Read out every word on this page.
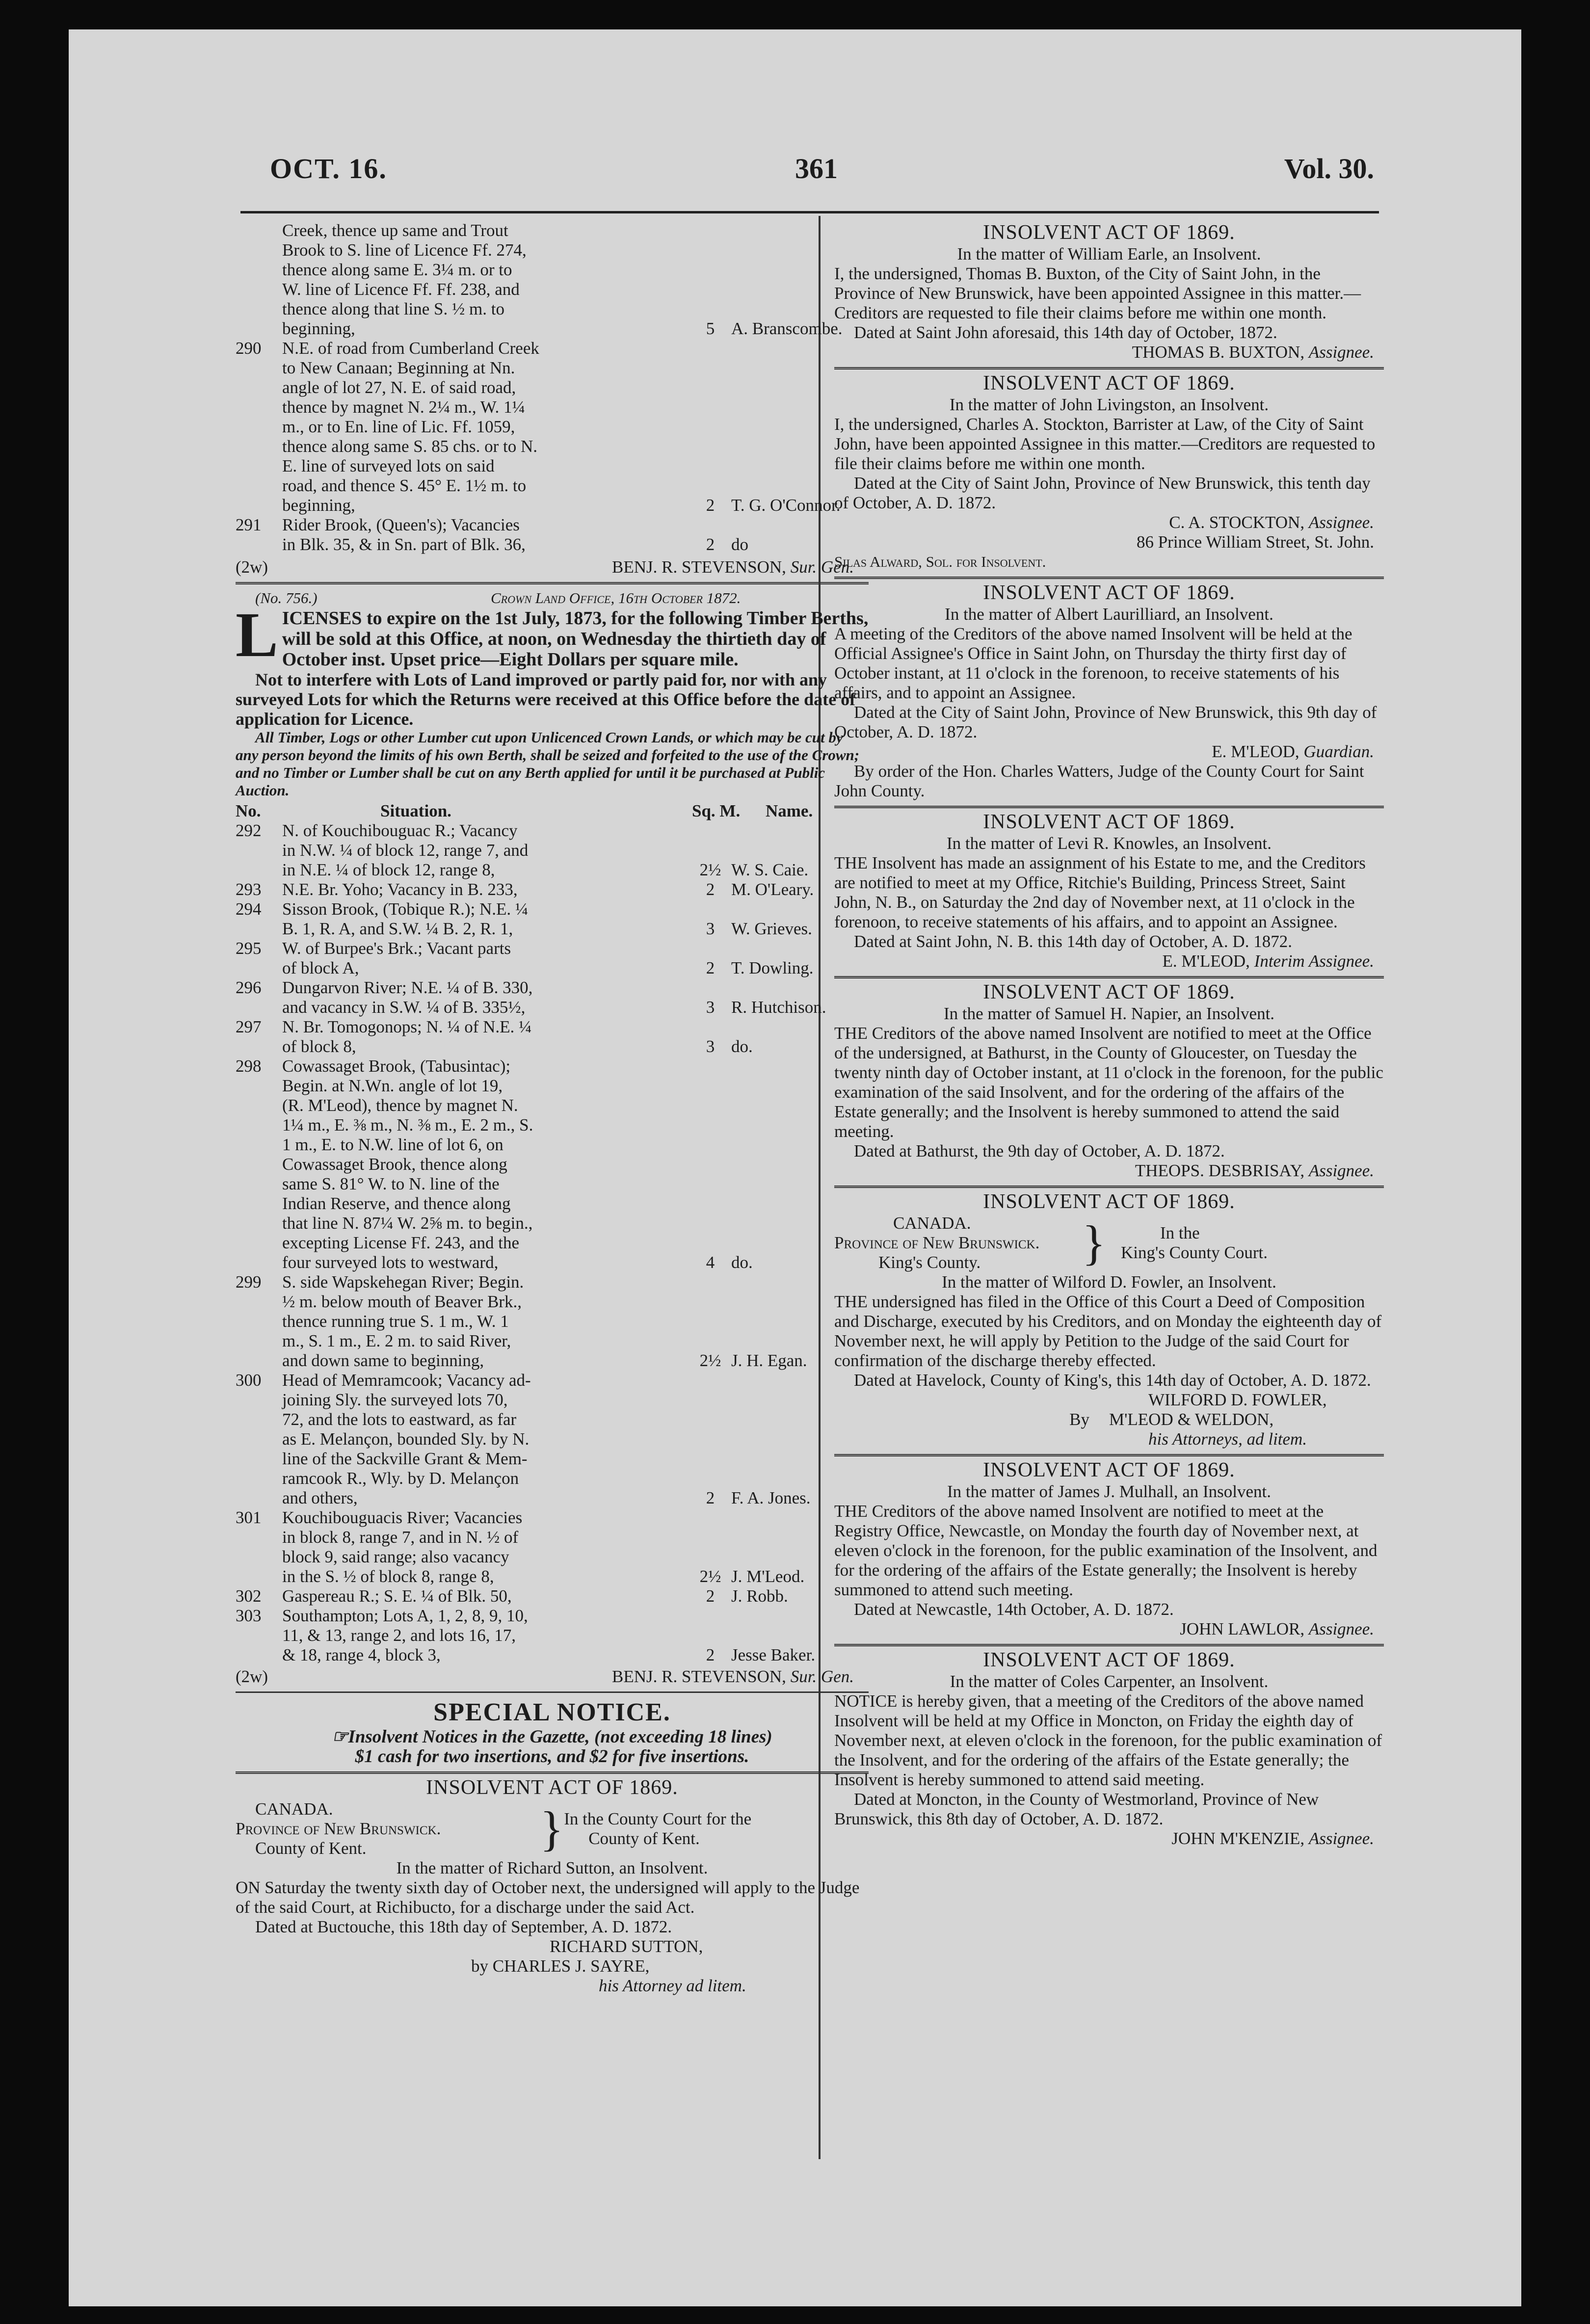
OCT. 16.	361	Vol. 30.

Creek, thence up same and Trout

Brook to S. line of Licence Ff. 274,

thence along same E. 3¼ m. or to

W. line of Licence Ff. Ff. 238, and

thence along that line S. ½ m. to

beginning,	5 A. Branscombe.
290	N.E. of road from Cumberland Creek

to New Canaan; Beginning at Nn.

angle of lot 27, N. E. of said road,

thence by magnet N. 2¼ m., W. 1¼

m., or to En. line of Lic. Ff. 1059,

thence along same S. 85 chs. or to N.

E. line of surveyed lots on said

road, and thence S. 45° E. 1½ m. to

beginning,	2 T. G. O'Connor.
291	Rider Brook, (Queen's); Vacancies

in Blk. 35, & in Sn. part of Blk. 36,	2 do
(2w)	BENJ. R. STEVENSON, Sur. Gen.
(No. 756.)	Crown Land Office, 16th October 1872.
L ICENSES to expire on the 1st July, 1873, for the following Timber Berths, will be sold at this Office, at noon, on Wednesday the thirtieth day of October inst. Upset price—Eight Dollars per square mile.

Not to interfere with Lots of Land improved or partly paid for, nor with any surveyed Lots for which the Returns were received at this Office before the date of application for Licence.

All Timber, Logs or other Lumber cut upon Unlicenced Crown Lands, or which may be cut by any person beyond the limits of his own Berth, shall be seized and forfeited to the use of the Crown; and no Timber or Lumber shall be cut on any Berth applied for until it be purchased at Public Auction.

No.	Situation.	Sq. M.	Name.
292	N. of Kouchibouguac R.; Vacancy

in N.W. ¼ of block 12, range 7, and

in N.E. ¼ of block 12, range 8,	2½ W. S. Caie.
293	N.E. Br. Yoho; Vacancy in B. 233,	2 M. O'Leary.
294	Sisson Brook, (Tobique R.); N.E. ¼

B. 1, R. A, and S.W. ¼ B. 2, R. 1,	3 W. Grieves.
295	W. of Burpee's Brk.; Vacant parts

of block A,	2 T. Dowling.
296	Dungarvon River; N.E. ¼ of B. 330,

and vacancy in S.W. ¼ of B. 335½,	3 R. Hutchison.
297	N. Br. Tomogonops; N. ¼ of N.E. ¼

of block 8,	3 do.
298	Cowassaget Brook, (Tabusintac);

Begin. at N.Wn. angle of lot 19,

(R. M'Leod), thence by magnet N.

1¼ m., E. ⅜ m., N. ⅜ m., E. 2 m., S.

1 m., E. to N.W. line of lot 6, on

Cowassaget Brook, thence along

same S. 81° W. to N. line of the

Indian Reserve, and thence along

that line N. 87¼ W. 2⅝ m. to begin.,

excepting License Ff. 243, and the

four surveyed lots to westward,	4 do.
299	S. side Wapskehegan River; Begin.

½ m. below mouth of Beaver Brk.,

thence running true S. 1 m., W. 1

m., S. 1 m., E. 2 m. to said River,

and down same to beginning,	2½ J. H. Egan.
300	Head of Memramcook; Vacancy ad-

joining Sly. the surveyed lots 70,

72, and the lots to eastward, as far

as E. Melançon, bounded Sly. by N.

line of the Sackville Grant & Mem-

ramcook R., Wly. by D. Melançon

and others,	2 F. A. Jones.
301	Kouchibouguacis River; Vacancies

in block 8, range 7, and in N. ½ of

block 9, said range; also vacancy

in the S. ½ of block 8, range 8,	2½ J. M'Leod.
302	Gaspereau R.; S. E. ¼ of Blk. 50,	2 J. Robb.
303	Southampton; Lots A, 1, 2, 8, 9, 10,

11, & 13, range 2, and lots 16, 17,

& 18, range 4, block 3,	2 Jesse Baker.
(2w)	BENJ. R. STEVENSON, Sur. Gen.
SPECIAL NOTICE.

☞Insolvent Notices in the Gazette, (not exceeding 18 lines)

$1 cash for two insertions, and $2 for five insertions.

INSOLVENT ACT OF 1869.

CANADA.

Province of New Brunswick.

County of Kent.	} In the County Court for the

County of Kent.

In the matter of Richard Sutton, an Insolvent.

ON Saturday the twenty sixth day of October next, the undersigned will apply to the Judge of the said Court, at Richibucto, for a discharge under the said Act.

Dated at Buctouche, this 18th day of September, A. D. 1872.

RICHARD SUTTON,

by CHARLES J. SAYRE,

his Attorney ad litem.

INSOLVENT ACT OF 1869.

In the matter of William Earle, an Insolvent.

I, the undersigned, Thomas B. Buxton, of the City of Saint John, in the Province of New Brunswick, have been appointed Assignee in this matter.—Creditors are requested to file their claims before me within one month.

Dated at Saint John aforesaid, this 14th day of October, 1872.

THOMAS B. BUXTON, Assignee.

INSOLVENT ACT OF 1869.

In the matter of John Livingston, an Insolvent.

I, the undersigned, Charles A. Stockton, Barrister at Law, of the City of Saint John, have been appointed Assignee in this matter.—Creditors are requested to file their claims before me within one month.

Dated at the City of Saint John, Province of New Brunswick, this tenth day of October, A. D. 1872.

C. A. STOCKTON, Assignee.

86 Prince William Street, St. John.

Silas Alward, Sol. for Insolvent.

INSOLVENT ACT OF 1869.

In the matter of Albert Laurilliard, an Insolvent.

A meeting of the Creditors of the above named Insolvent will be held at the Official Assignee's Office in Saint John, on Thursday the thirty first day of October instant, at 11 o'clock in the forenoon, to receive statements of his affairs, and to appoint an Assignee.

Dated at the City of Saint John, Province of New Brunswick, this 9th day of October, A. D. 1872.

E. M'LEOD, Guardian.

By order of the Hon. Charles Watters, Judge of the County Court for Saint John County.

INSOLVENT ACT OF 1869.

In the matter of Levi R. Knowles, an Insolvent.

THE Insolvent has made an assignment of his Estate to me, and the Creditors are notified to meet at my Office, Ritchie's Building, Princess Street, Saint John, N. B., on Saturday the 2nd day of November next, at 11 o'clock in the forenoon, to receive statements of his affairs, and to appoint an Assignee.

Dated at Saint John, N. B. this 14th day of October, A. D. 1872.

E. M'LEOD, Interim Assignee.

INSOLVENT ACT OF 1869.

In the matter of Samuel H. Napier, an Insolvent.

THE Creditors of the above named Insolvent are notified to meet at the Office of the undersigned, at Bathurst, in the County of Gloucester, on Tuesday the twenty ninth day of October instant, at 11 o'clock in the forenoon, for the public examination of the said Insolvent, and for the ordering of the affairs of the Estate generally; and the Insolvent is hereby summoned to attend the said meeting.

Dated at Bathurst, the 9th day of October, A. D. 1872.

THEOPS. DESBRISAY, Assignee.

INSOLVENT ACT OF 1869.

CANADA.

Province of New Brunswick.

King's County.	}	In the

King's County Court.

In the matter of Wilford D. Fowler, an Insolvent.

THE undersigned has filed in the Office of this Court a Deed of Composition and Discharge, executed by his Creditors, and on Monday the eighteenth day of November next, he will apply by Petition to the Judge of the said Court for confirmation of the discharge thereby effected.

Dated at Havelock, County of King's, this 14th day of October, A. D. 1872.

WILFORD D. FOWLER,

By M'LEOD & WELDON,

his Attorneys, ad litem.

INSOLVENT ACT OF 1869.

In the matter of James J. Mulhall, an Insolvent.

THE Creditors of the above named Insolvent are notified to meet at the Registry Office, Newcastle, on Monday the fourth day of November next, at eleven o'clock in the forenoon, for the public examination of the Insolvent, and for the ordering of the affairs of the Estate generally; the Insolvent is hereby summoned to attend such meeting.

Dated at Newcastle, 14th October, A. D. 1872.

JOHN LAWLOR, Assignee.

INSOLVENT ACT OF 1869.

In the matter of Coles Carpenter, an Insolvent.

NOTICE is hereby given, that a meeting of the Creditors of the above named Insolvent will be held at my Office in Moncton, on Friday the eighth day of November next, at eleven o'clock in the forenoon, for the public examination of the Insolvent, and for the ordering of the affairs of the Estate generally; the Insolvent is hereby summoned to attend said meeting.

Dated at Moncton, in the County of Westmorland, Province of New Brunswick, this 8th day of October, A. D. 1872.

JOHN M'KENZIE, Assignee.
